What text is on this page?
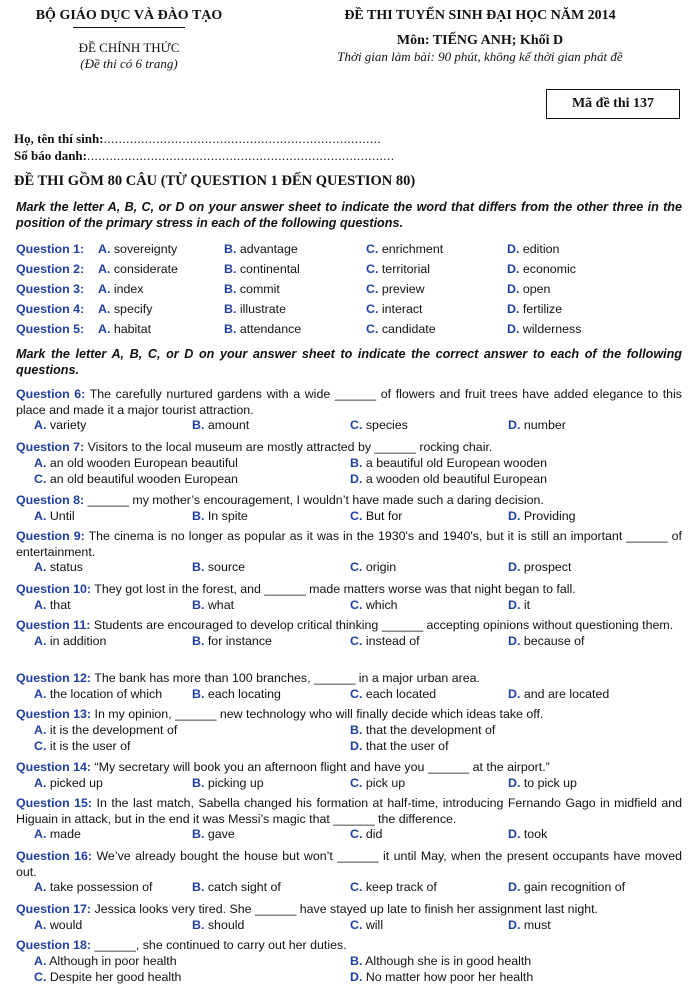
BỘ GIÁO DỤC VÀ ĐÀO TẠO
ĐỀ CHÍNH THỨC
(Đề thi có 6 trang)
ĐỀ THI TUYỂN SINH ĐẠI HỌC NĂM 2014
Môn: TIẾNG ANH; Khối D
Thời gian làm bài: 90 phút, không kể thời gian phát đề
Mã đề thi 137
Họ, tên thí sinh:..........................................................................
Số báo danh:..................................................................................
ĐỀ THI GỒM 80 CÂU (TỪ QUESTION 1 ĐẾN QUESTION 80)
Mark the letter A, B, C, or D on your answer sheet to indicate the word that differs from the other three in the position of the primary stress in each of the following questions.
Question 1: A. sovereignty	B. advantage	C. enrichment	D. edition
Question 2: A. considerate	B. continental	C. territorial	D. economic
Question 3: A. index	B. commit	C. preview	D. open
Question 4: A. specify	B. illustrate	C. interact	D. fertilize
Question 5: A. habitat	B. attendance	C. candidate	D. wilderness
Mark the letter A, B, C, or D on your answer sheet to indicate the correct answer to each of the following questions.
Question 6: The carefully nurtured gardens with a wide ______ of flowers and fruit trees have added elegance to this place and made it a major tourist attraction.
A. variety	B. amount	C. species	D. number
Question 7: Visitors to the local museum are mostly attracted by ______ rocking chair.
A. an old wooden European beautiful	B. a beautiful old European wooden
C. an old beautiful wooden European	D. a wooden old beautiful European
Question 8: ______ my mother’s encouragement, I wouldn’t have made such a daring decision.
A. Until	B. In spite	C. But for	D. Providing
Question 9: The cinema is no longer as popular as it was in the 1930's and 1940's, but it is still an important ______ of entertainment.
A. status	B. source	C. origin	D. prospect
Question 10: They got lost in the forest, and ______ made matters worse was that night began to fall.
A. that	B. what	C. which	D. it
Question 11: Students are encouraged to develop critical thinking ______ accepting opinions without questioning them.
A. in addition	B. for instance	C. instead of	D. because of
Question 12: The bank has more than 100 branches, ______ in a major urban area.
A. the location of which B. each locating	C. each located	D. and are located
Question 13: In my opinion, ______ new technology who will finally decide which ideas take off.
A. it is the development of	B. that the development of
C. it is the user of	D. that the user of
Question 14: “My secretary will book you an afternoon flight and have you ______ at the airport.”
A. picked up	B. picking up	C. pick up	D. to pick up
Question 15: In the last match, Sabella changed his formation at half-time, introducing Fernando Gago in midfield and Higuain in attack, but in the end it was Messi’s magic that ______ the difference.
A. made	B. gave	C. did	D. took
Question 16: We’ve already bought the house but won’t ______ it until May, when the present occupants have moved out.
A. take possession of	B. catch sight of	C. keep track of	D. gain recognition of
Question 17: Jessica looks very tired. She ______ have stayed up late to finish her assignment last night.
A. would	B. should	C. will	D. must
Question 18: ______, she continued to carry out her duties.
A. Although in poor health	B. Although she is in good health
C. Despite her good health	D. No matter how poor her health
